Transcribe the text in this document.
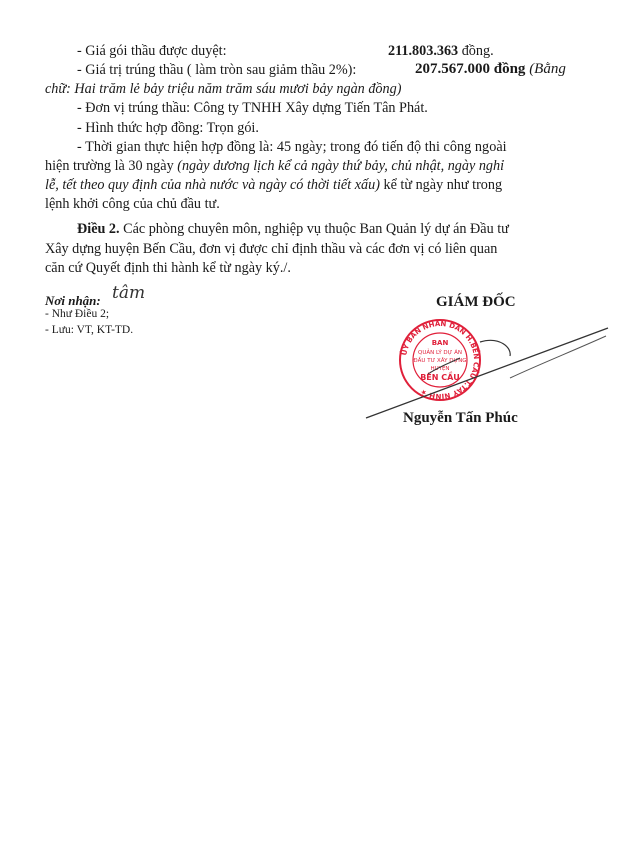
- Giá gói thầu được duyệt:	211.803.363 đồng.
- Giá trị trúng thầu ( làm tròn sau giảm thầu 2%):	207.567.000 đồng (Bằng
chữ: Hai trăm lẻ bảy triệu năm trăm sáu mươi bảy ngàn đồng)
- Đơn vị trúng thầu: Công ty TNHH Xây dựng Tiến Tân Phát.
- Hình thức hợp đồng: Trọn gói.
- Thời gian thực hiện hợp đồng là: 45 ngày; trong đó tiến độ thi công ngoài
hiện trường là 30 ngày (ngày dương lịch kể cả ngày thứ bảy, chủ nhật, ngày nghỉ
lễ, tết theo quy định của nhà nước và ngày có thời tiết xấu) kể từ ngày như trong
lệnh khởi công của chủ đầu tư.
Điều 2. Các phòng chuyên môn, nghiệp vụ thuộc Ban Quản lý dự án Đầu tư
Xây dựng huyện Bến Cầu, đơn vị được chỉ định thầu và các đơn vị có liên quan
căn cứ Quyết định thi hành kể từ ngày ký./.
Nơi nhận: tâm
- Như Điều 2;
- Lưu: VT, KT-TD.
GIÁM ĐỐC
ỦY BAN NHÂN DÂN H.BẾN CẦU T.TÂY NINH ★
BAN
QUẢN LÝ DỰ ÁN
ĐẦU TƯ XÂY DỰNG
HUYỆN
BẾN CẦU
Nguyễn Tấn Phúc
